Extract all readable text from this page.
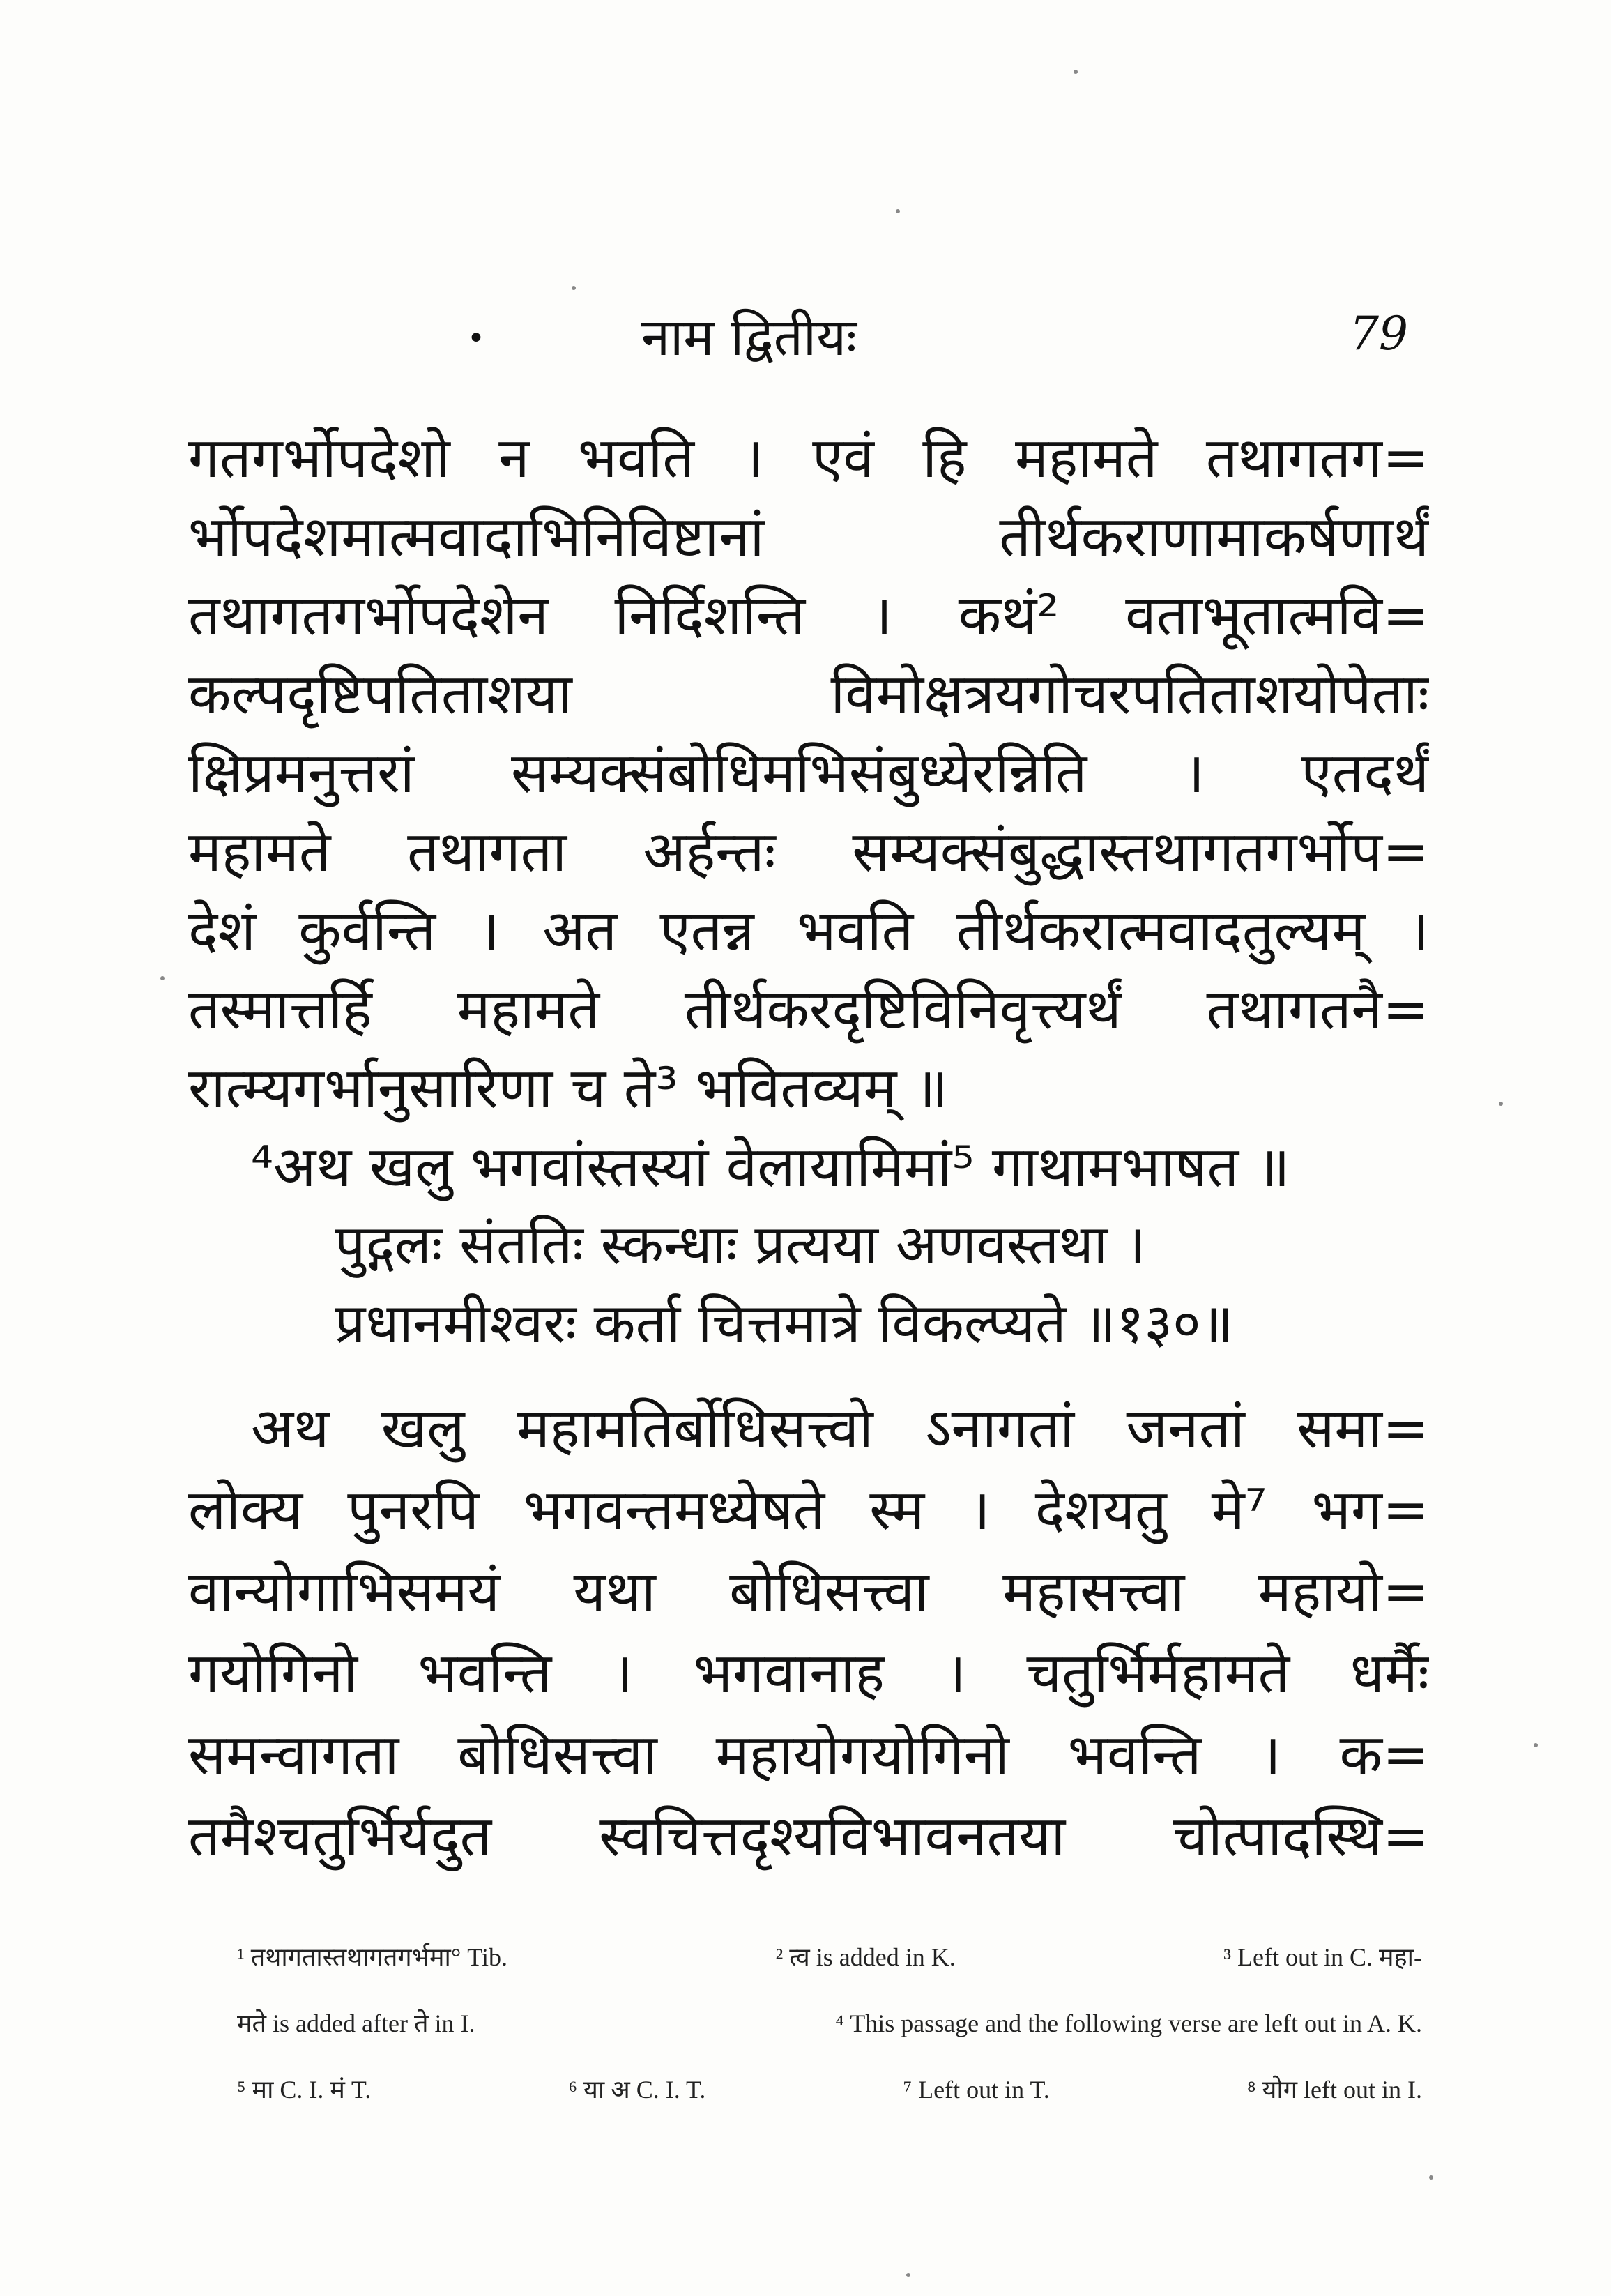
•	नाम द्वितीयः	79
गतगर्भोपदेशो न भवति । एवं हि महामते तथागतग=
र्भोपदेशमात्मवादाभिनिविष्टानां तीर्थकराणामाकर्षणार्थं
तथागतगर्भोपदेशेन निर्दिशन्ति । कथं² वताभूतात्मवि=
कल्पदृष्टिपतिताशया विमोक्षत्रयगोचरपतिताशयोपेताः
क्षिप्रमनुत्तरां सम्यक्संबोधिमभिसंबुध्येरन्निति । एतदर्थं
महामते तथागता अर्हन्तः सम्यक्संबुद्धास्तथागतगर्भोप=
देशं कुर्वन्ति । अत एतन्न भवति तीर्थकरात्मवादतुल्यम् ।
तस्मात्तर्हि महामते तीर्थकरदृष्टिविनिवृत्त्यर्थं तथागतनै=
रात्म्यगर्भानुसारिणा च ते³ भवितव्यम् ॥
⁴अथ खलु भगवांस्तस्यां वेलायामिमां⁵ गाथामभाषत ॥
पुद्गलः संततिः स्कन्धाः प्रत्यया अणवस्तथा ।
प्रधानमीश्वरः कर्ता चित्तमात्रे विकल्प्यते ॥१३०॥
अथ खलु महामतिर्बोधिसत्त्वो ऽनागतां जनतां समा=
लोक्य पुनरपि भगवन्तमध्येषते स्म । देशयतु मे⁷ भग=
वान्योगाभिसमयं यथा बोधिसत्त्वा महासत्त्वा महायो=
गयोगिनो भवन्ति । भगवानाह । चतुर्भिर्महामते धर्मैः
समन्वागता बोधिसत्त्वा महायोगयोगिनो भवन्ति । क=
तमैश्चतुर्भिर्यदुत स्वचित्तदृश्यविभावनतया चोत्पादस्थि=
¹ तथागतास्तथागतगर्भमा° Tib.	² त्व is added in K.	³ Left out in C. महा-
मते is added after ते in I.	⁴ This passage and the following verse are left out in A. K.
⁵ मा C. I. मं T.	⁶ या अ C. I. T.	⁷ Left out in T.	⁸ योग left out in I.
